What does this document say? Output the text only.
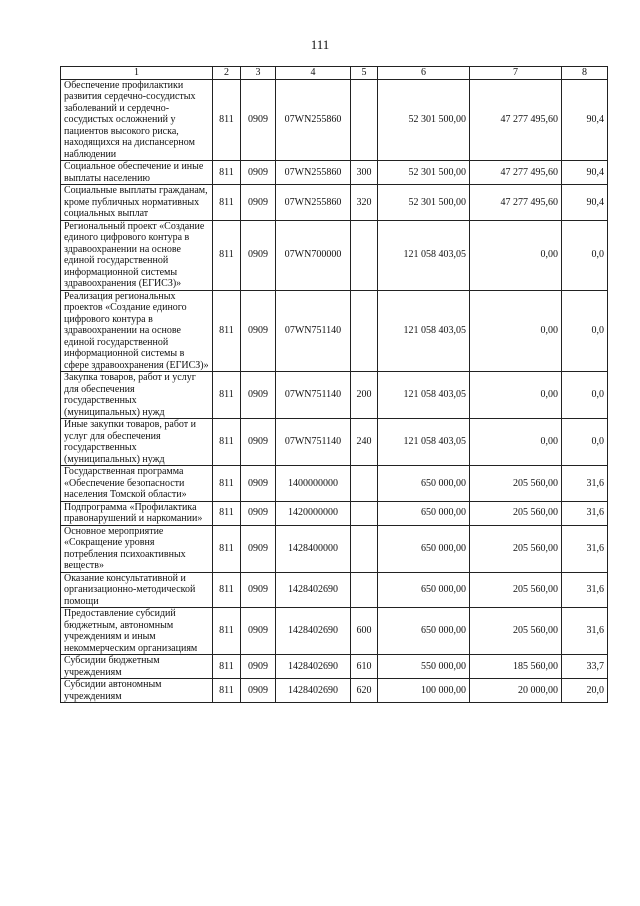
111
1	2	3	4	5	6	7	8
Обеспечение профилактики развития сердечно-сосудистых заболеваний и сердечно-сосудистых осложнений у пациентов высокого риска, находящихся на диспансерном наблюдении	811	0909	07WN255860		52 301 500,00	47 277 495,60	90,4
Социальное обеспечение и иные выплаты населению	811	0909	07WN255860	300	52 301 500,00	47 277 495,60	90,4
Социальные выплаты гражданам, кроме публичных нормативных социальных выплат	811	0909	07WN255860	320	52 301 500,00	47 277 495,60	90,4
Региональный проект «Создание единого цифрового контура в здравоохранении на основе единой государственной информационной системы здравоохранения (ЕГИСЗ)»	811	0909	07WN700000		121 058 403,05	0,00	0,0
Реализация региональных проектов «Создание единого цифрового контура в здравоохранении на основе единой государственной информационной системы в сфере здравоохранения (ЕГИСЗ)»	811	0909	07WN751140		121 058 403,05	0,00	0,0
Закупка товаров, работ и услуг для обеспечения государственных (муниципальных) нужд	811	0909	07WN751140	200	121 058 403,05	0,00	0,0
Иные закупки товаров, работ и услуг для обеспечения государственных (муниципальных) нужд	811	0909	07WN751140	240	121 058 403,05	0,00	0,0
Государственная программа «Обеспечение безопасности населения Томской области»	811	0909	1400000000		650 000,00	205 560,00	31,6
Подпрограмма «Профилактика правонарушений и наркомании»	811	0909	1420000000		650 000,00	205 560,00	31,6
Основное мероприятие «Сокращение уровня потребления психоактивных веществ»	811	0909	1428400000		650 000,00	205 560,00	31,6
Оказание консультативной и организационно-методической помощи	811	0909	1428402690		650 000,00	205 560,00	31,6
Предоставление субсидий бюджетным, автономным учреждениям и иным некоммерческим организациям	811	0909	1428402690	600	650 000,00	205 560,00	31,6
Субсидии бюджетным учреждениям	811	0909	1428402690	610	550 000,00	185 560,00	33,7
Субсидии автономным учреждениям	811	0909	1428402690	620	100 000,00	20 000,00	20,0
